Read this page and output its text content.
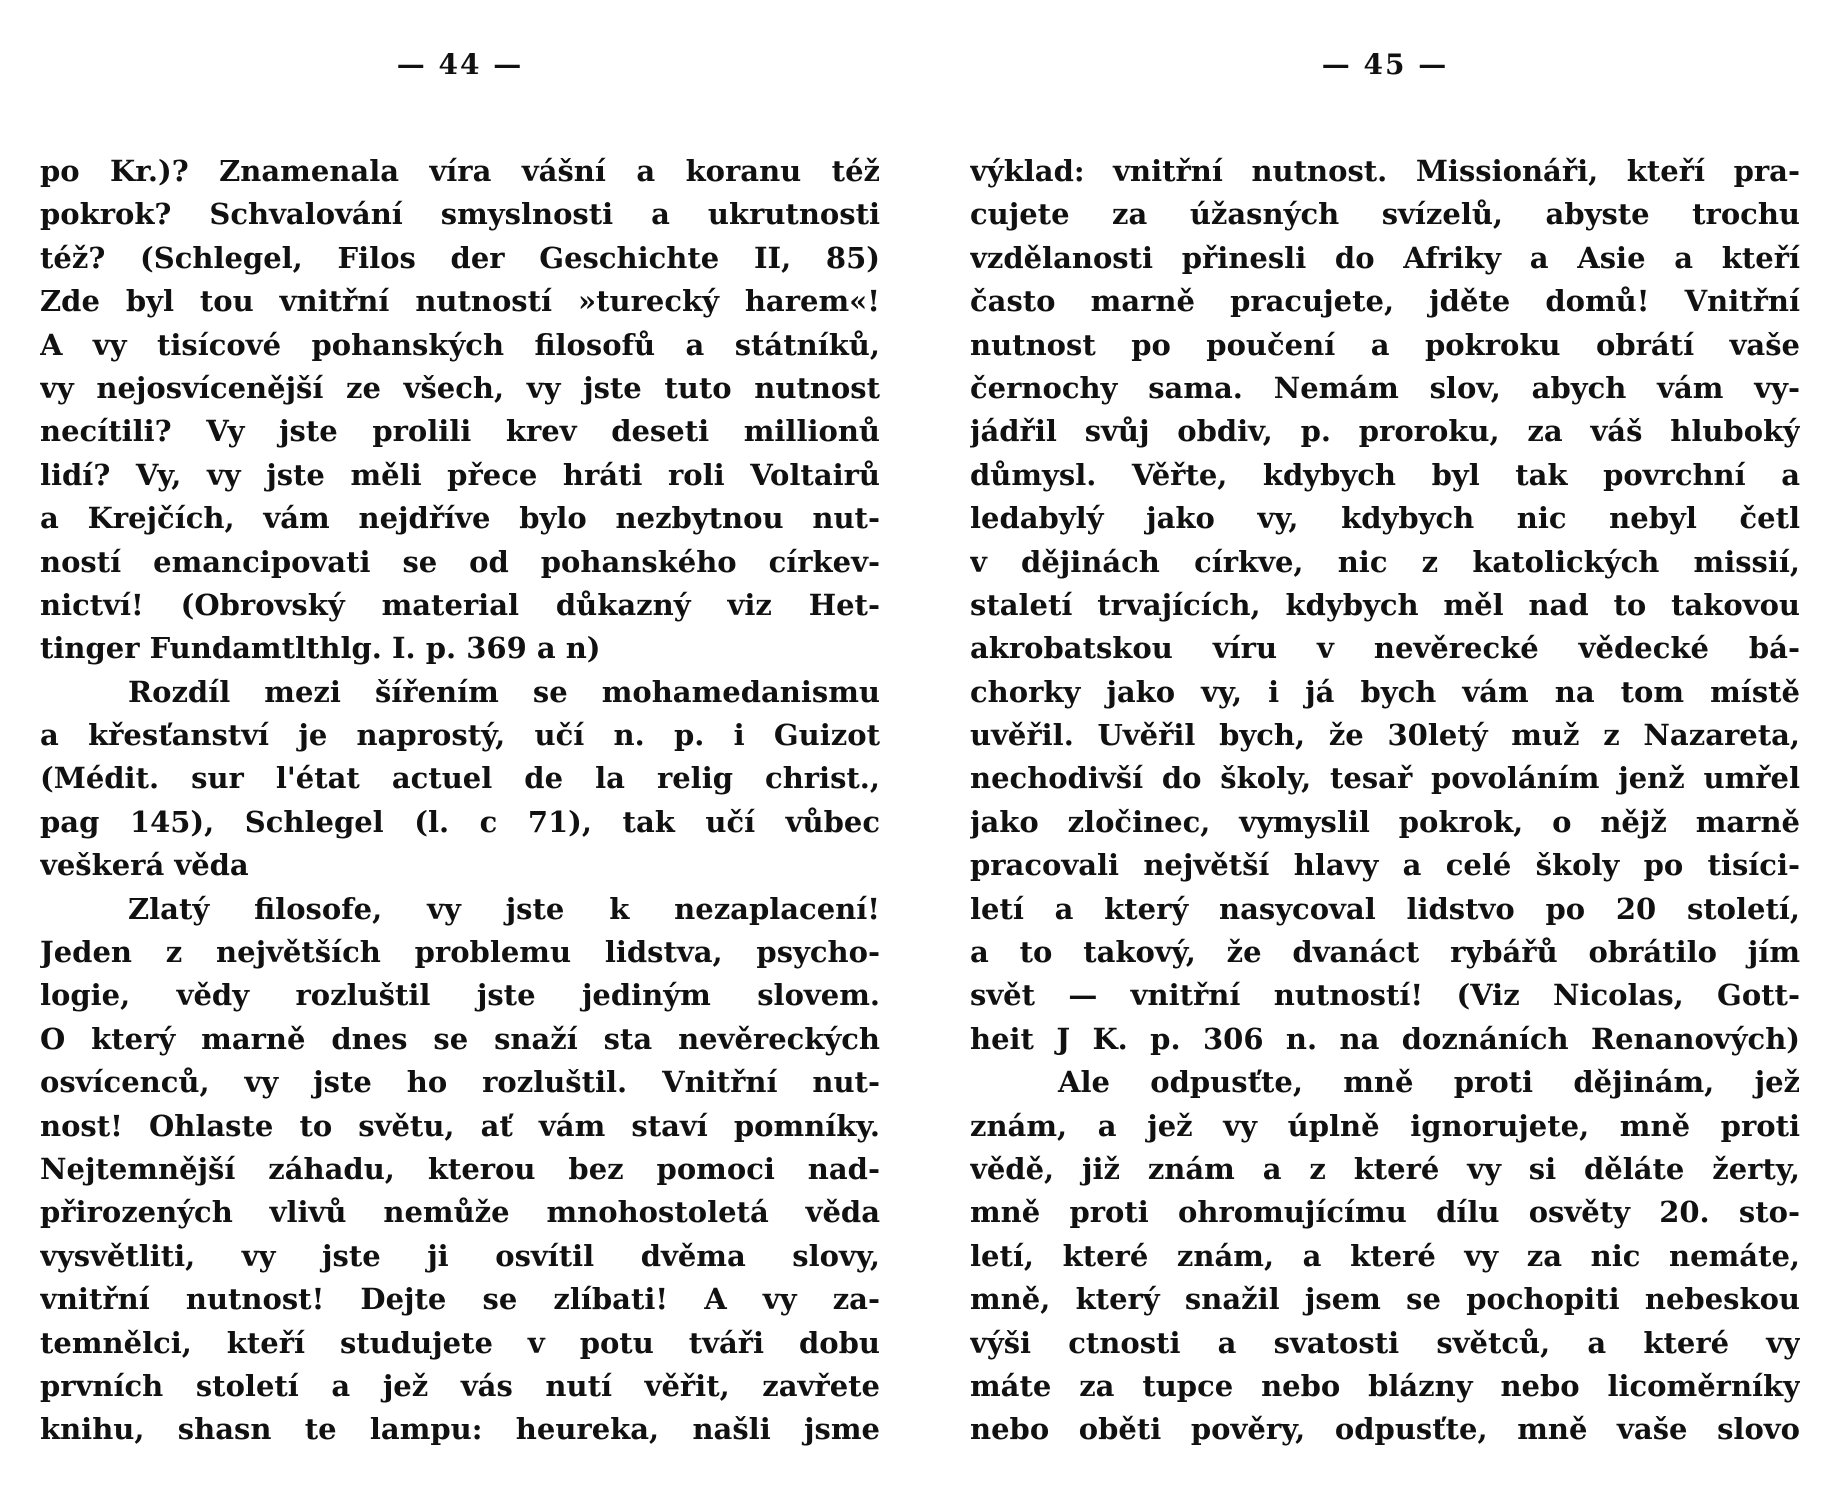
— 44 —
po Kr.)? Znamenala víra vášní a koranu též
pokrok? Schvalování smyslnosti a ukrutnosti
též? (Schlegel, Filos der Geschichte II, 85)
Zde byl tou vnitřní nutností »turecký harem«!
A vy tisícové pohanských filosofů a státníků,
vy nejosvícenější ze všech, vy jste tuto nutnost
necítili? Vy jste prolili krev deseti millionů
lidí? Vy, vy jste měli přece hráti roli Voltairů
a Krejčích, vám nejdříve bylo nezbytnou nut-
ností emancipovati se od pohanského církev-
nictví! (Obrovský material důkazný viz Het-
tinger Fundamtlthlg. I. p. 369 a n)
Rozdíl mezi šířením se mohamedanismu
a křesťanství je naprostý, učí n. p. i Guizot
(Médit. sur l'état actuel de la relig christ.,
pag 145), Schlegel (l. c 71), tak učí vůbec
veškerá věda
Zlatý filosofe, vy jste k nezaplacení!
Jeden z největších problemu lidstva, psycho-
logie, vědy rozluštil jste jediným slovem.
O který marně dnes se snaží sta nevěreckých
osvícenců, vy jste ho rozluštil. Vnitřní nut-
nost! Ohlaste to světu, ať vám staví pomníky.
Nejtemnější záhadu, kterou bez pomoci nad-
přirozených vlivů nemůže mnohostoletá věda
vysvětliti, vy jste ji osvítil dvěma slovy,
vnitřní nutnost! Dejte se zlíbati! A vy za-
temnělci, kteří studujete v potu tváři dobu
prvních století a jež vás nutí věřit, zavřete
knihu, shasn te lampu: heureka, našli jsme
— 45 —
výklad: vnitřní nutnost. Missionáři, kteří pra-
cujete za úžasných svízelů, abyste trochu
vzdělanosti přinesli do Afriky a Asie a kteří
často marně pracujete, jděte domů! Vnitřní
nutnost po poučení a pokroku obrátí vaše
černochy sama. Nemám slov, abych vám vy-
jádřil svůj obdiv, p. proroku, za váš hluboký
důmysl. Věřte, kdybych byl tak povrchní a
ledabylý jako vy, kdybych nic nebyl četl
v dějinách církve, nic z katolických missií,
staletí trvajících, kdybych měl nad to takovou
akrobatskou víru v nevěrecké vědecké bá-
chorky jako vy, i já bych vám na tom místě
uvěřil. Uvěřil bych, že 30letý muž z Nazareta,
nechodivší do školy, tesař povoláním jenž umřel
jako zločinec, vymyslil pokrok, o nějž marně
pracovali největší hlavy a celé školy po tisíci-
letí a který nasycoval lidstvo po 20 století,
a to takový, že dvanáct rybářů obrátilo jím
svět — vnitřní nutností! (Viz Nicolas, Gott-
heit J K. p. 306 n. na doznáních Renanových)
Ale odpusťte, mně proti dějinám, jež
znám, a jež vy úplně ignorujete, mně proti
vědě, již znám a z které vy si děláte žerty,
mně proti ohromujícímu dílu osvěty 20. sto-
letí, které znám, a které vy za nic nemáte,
mně, který snažil jsem se pochopiti nebeskou
výši ctnosti a svatosti světců, a které vy
máte za tupce nebo blázny nebo licoměrníky
nebo oběti pověry, odpusťte, mně vaše slovo
